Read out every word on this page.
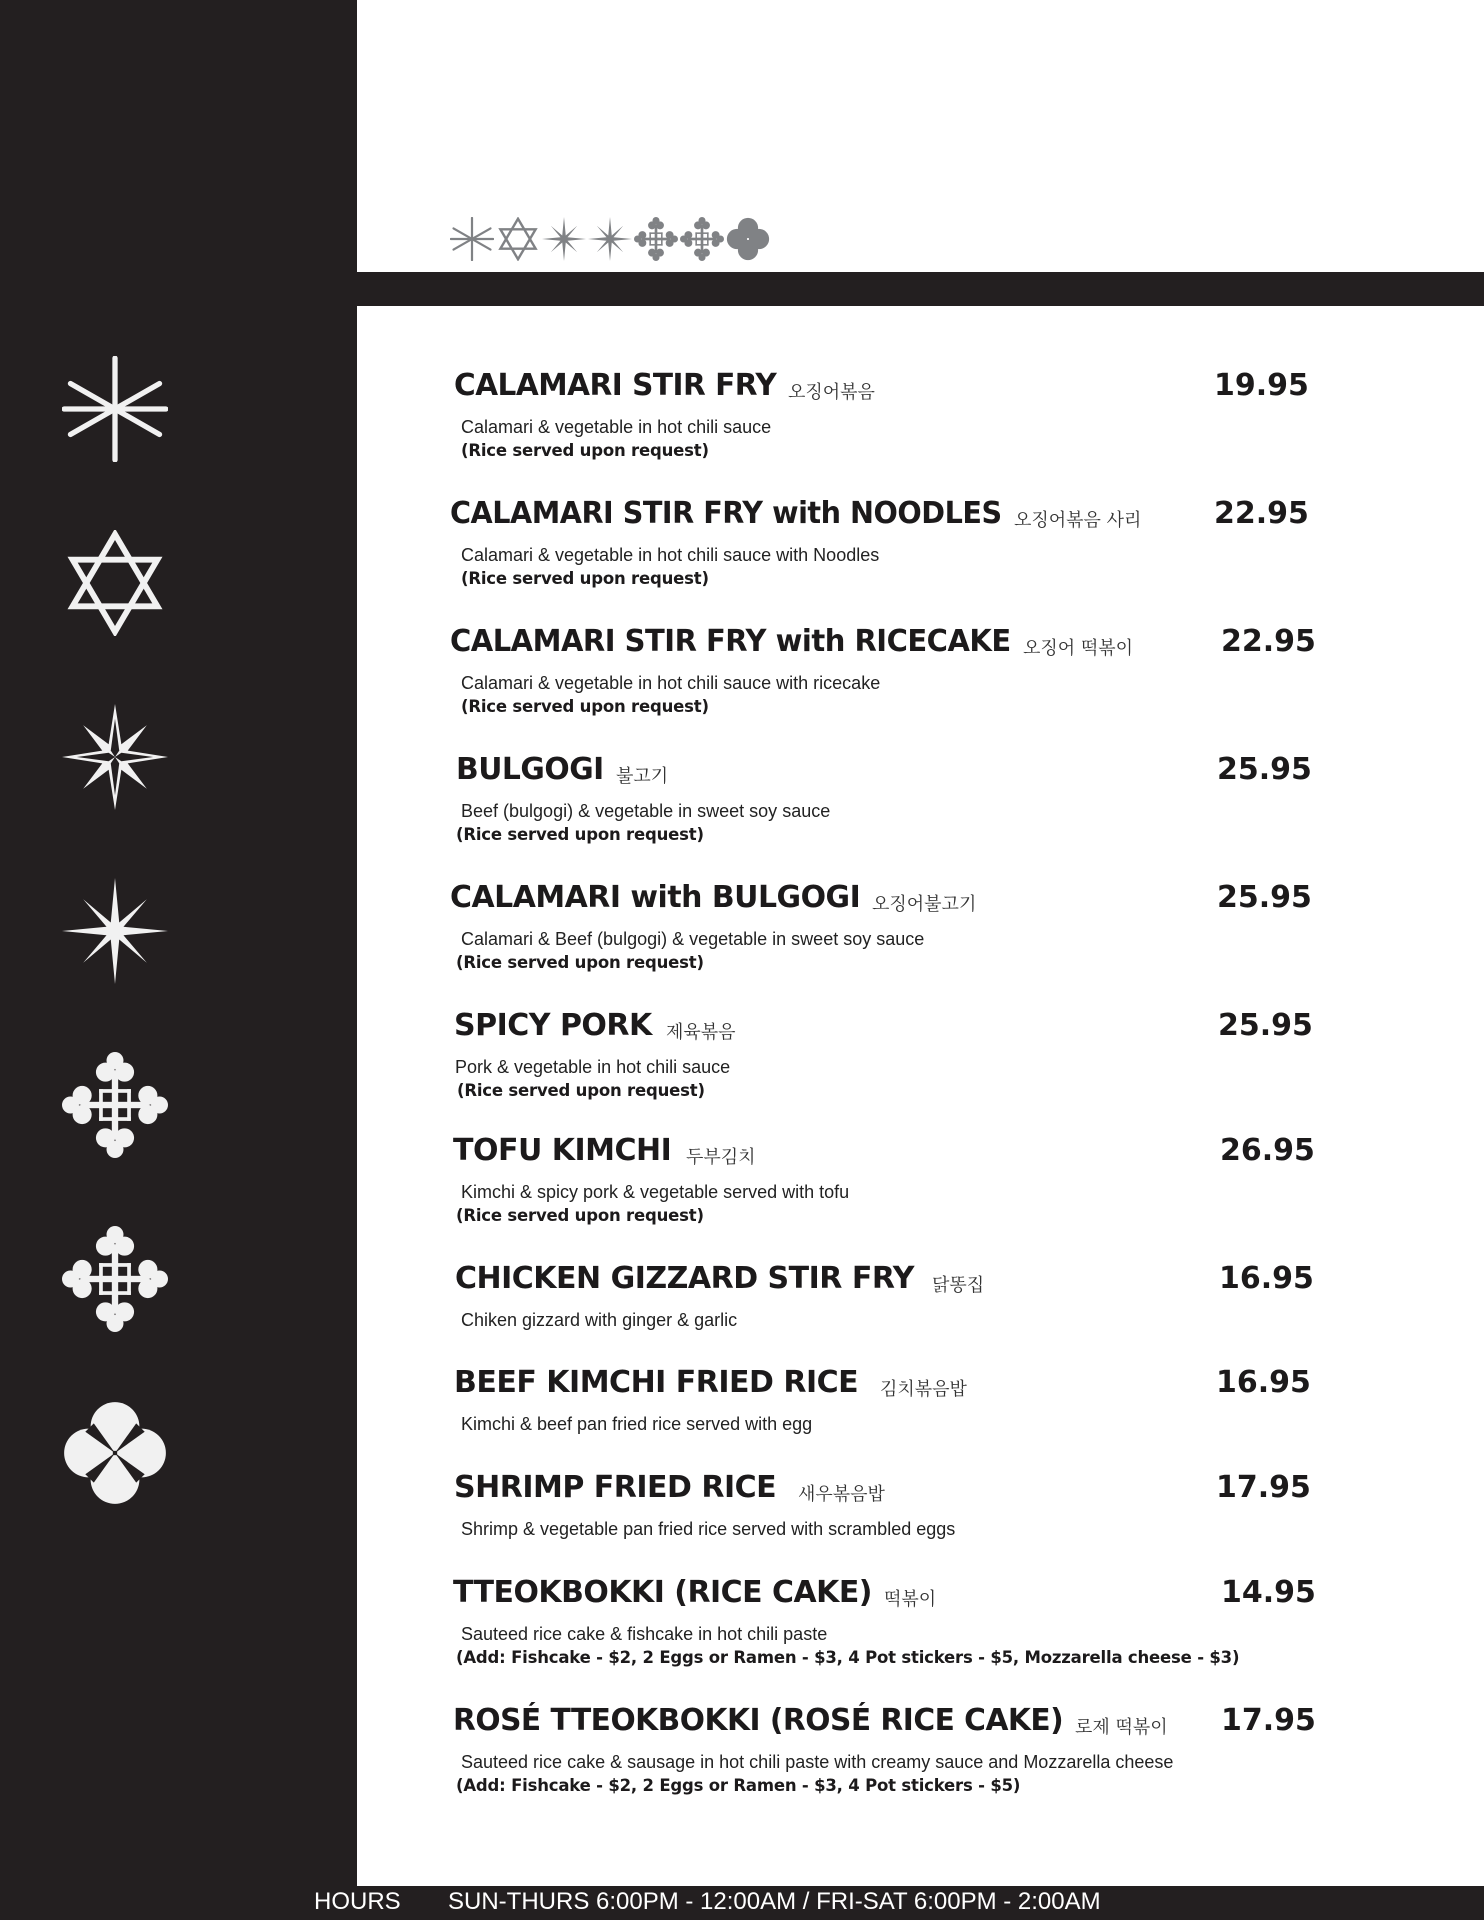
CALAMARI STIR FRY 오징어볶음	19.95
Calamari & vegetable in hot chili sauce
(Rice served upon request)
CALAMARI STIR FRY with NOODLES 오징어볶음 사리 22.95
Calamari & vegetable in hot chili sauce with Noodles
(Rice served upon request)
CALAMARI STIR FRY with RICECAKE 오징어 떡볶이	22.95
Calamari & vegetable in hot chili sauce with ricecake
(Rice served upon request)
BULGOGI 불고기	25.95
Beef (bulgogi) & vegetable in sweet soy sauce
(Rice served upon request)
CALAMARI with BULGOGI 오징어불고기	25.95
Calamari & Beef (bulgogi) & vegetable in sweet soy sauce
(Rice served upon request)
SPICY PORK 제육볶음	25.95
Pork & vegetable in hot chili sauce
(Rice served upon request)
TOFU KIMCHI 두부김치	26.95
Kimchi & spicy pork & vegetable served with tofu
(Rice served upon request)
CHICKEN GIZZARD STIR FRY 닭똥집	16.95
Chiken gizzard with ginger & garlic
BEEF KIMCHI FRIED RICE 김치볶음밥	16.95
Kimchi & beef pan fried rice served with egg
SHRIMP FRIED RICE 새우볶음밥	17.95
Shrimp & vegetable pan fried rice served with scrambled eggs
TTEOKBOKKI (RICE CAKE) 떡볶이	14.95
Sauteed rice cake & fishcake in hot chili paste
(Add: Fishcake - $2, 2 Eggs or Ramen - $3, 4 Pot stickers - $5, Mozzarella cheese - $3)
ROSÉ TTEOKBOKKI (ROSÉ RICE CAKE) 로제 떡볶이 17.95
Sauteed rice cake & sausage in hot chili paste with creamy sauce and Mozzarella cheese
(Add: Fishcake - $2, 2 Eggs or Ramen - $3, 4 Pot stickers - $5)
HOURS SUN-THURS 6:00PM - 12:00AM / FRI-SAT 6:00PM - 2:00AM
